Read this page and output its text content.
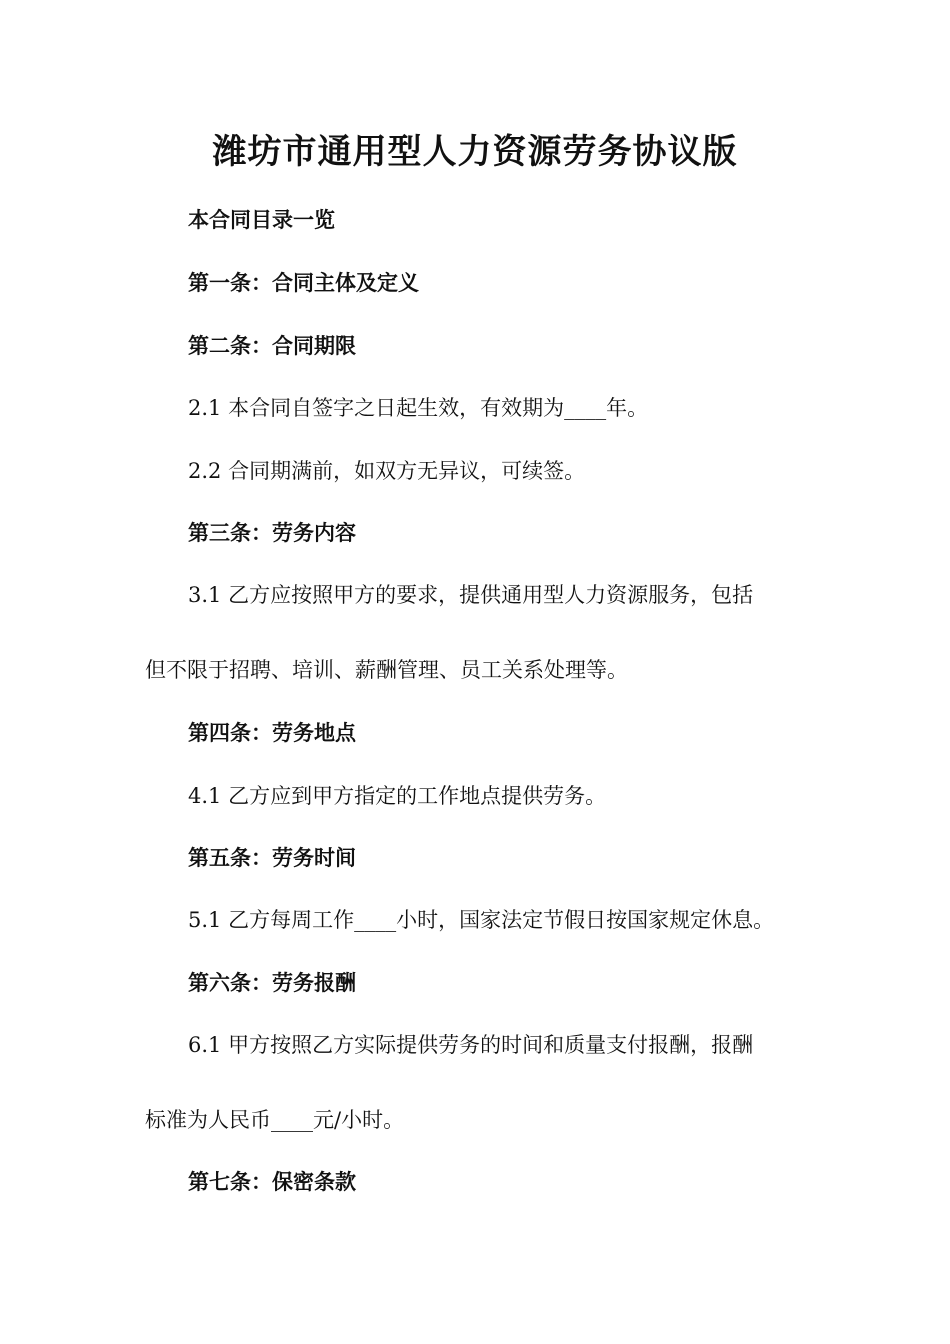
潍坊市通用型人力资源劳务协议版
本合同目录一览
第一条：合同主体及定义
第二条：合同期限
2.1 本合同自签字之日起生效，有效期为____年。
2.2 合同期满前，如双方无异议，可续签。
第三条：劳务内容
3.1 乙方应按照甲方的要求，提供通用型人力资源服务，包括
但不限于招聘、培训、薪酬管理、员工关系处理等。
第四条：劳务地点
4.1 乙方应到甲方指定的工作地点提供劳务。
第五条：劳务时间
5.1 乙方每周工作____小时，国家法定节假日按国家规定休息。
第六条：劳务报酬
6.1 甲方按照乙方实际提供劳务的时间和质量支付报酬，报酬
标准为人民币____元/小时。
第七条：保密条款
